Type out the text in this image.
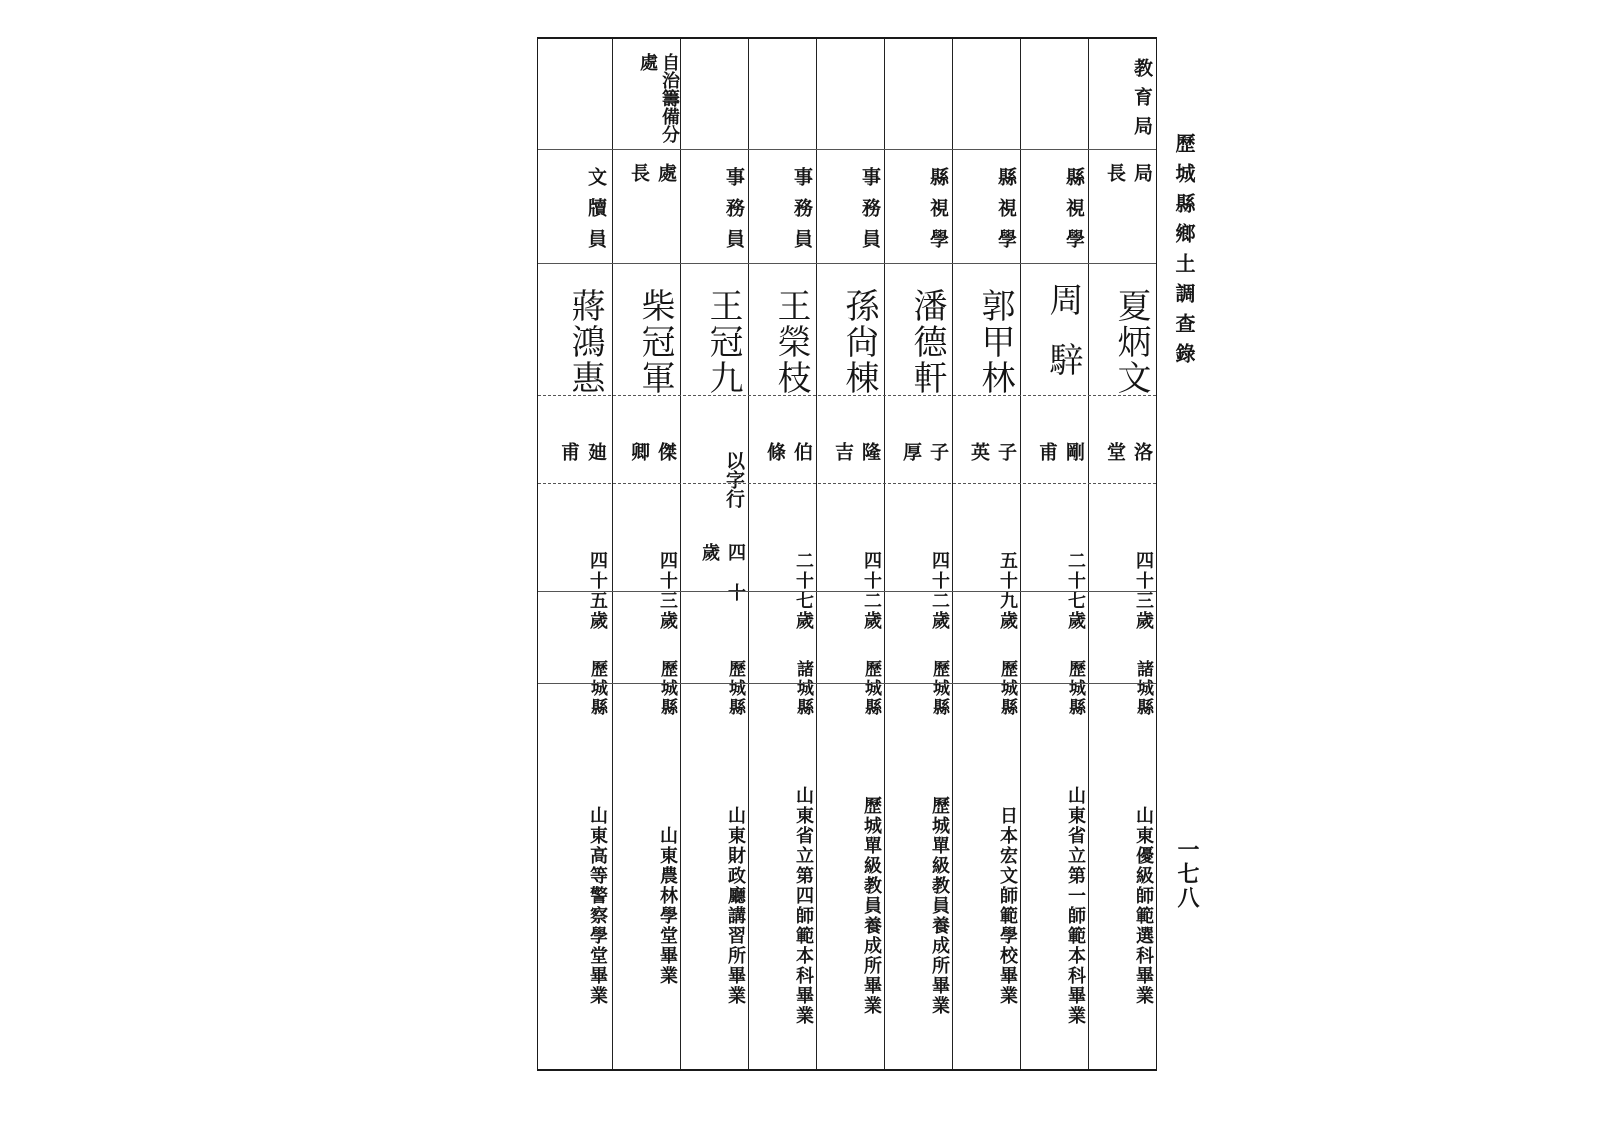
教育局
局長
夏炳文
洛堂
四十三歲
諸城縣
山東優級師範選科畢業
縣視學
周騂
剛甫
二十七歲
歷城縣
山東省立第一師範本科畢業
縣視學
郭甲林
子英
五十九歲
歷城縣
日本宏文師範學校畢業
縣視學
潘德軒
子厚
四十二歲
歷城縣
歷城單級教員養成所畢業
事務員
孫尙棟
隆吉
四十二歲
歷城縣
歷城單級教員養成所畢業
事務員
王榮枝
伯條
二十七歲
諸城縣
山東省立第四師範本科畢業
事務員
王冠九
以字行
四十歲
歷城縣
山東財政廳講習所畢業
自治籌備分處
處長
柴冠軍
傑卿
四十三歲
歷城縣
山東農林學堂畢業
文牘員
蔣鴻惠
廸甫
四十五歲
歷城縣
山東高等警察學堂畢業
歷城縣鄉土調查錄
一七八
